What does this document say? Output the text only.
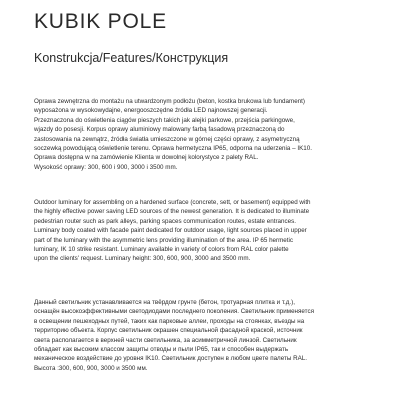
KUBIK POLE
Konstrukcja/Features/Конструкция

Oprawa zewnętrzna do montażu na utwardzonym podłożu (beton, kostka brukowa lub fundament)
wyposażona w wysokowydajne, energooszczędne źródła LED najnowszej generacji.
Przeznaczona do oświetlenia ciągów pieszych takich jak alejki parkowe, przejścia parkingowe,
wjazdy do posesji. Korpus oprawy aluminiowy malowany farbą fasadową przeznaczoną do
zastosowania na zewnątrz, źródła światła umieszczone w górnej części oprawy, z asymetryczną
soczewką powodującą oświetlenie terenu. Oprawa hermetyczna IP65, odporna na uderzenia – IK10.
Oprawa dostępna w na zamówienie Klienta w dowolnej kolorystyce z palety RAL.
Wysokość oprawy: 300, 600 i 900, 3000 i 3500 mm.

Outdoor luminary for assembling on a hardened surface (concrete, sett, or basement) equipped with
the highly effective power saving LED sources of the newest generation. It is dedicated to illuminate
pedestrian router such as park alleys, parking spaces communication routes, estate entrances.
Luminary body coated with facade paint dedicated for outdoor usage, light sources placed in upper
part of the luminary with the asymmetric lens providing illumination of the area. IP 65 hermetic
luminary, IK 10 strike resistant. Luminary available in variety of colors from RAL color palette
upon the clients' request. Luminary height: 300, 600, 900, 3000 and 3500 mm.

Данный светильник устанавливается на твёрдом грунте (бетон, тротуарная плитка и т.д.),
оснащён высокоэффективными светодиодами последнего поколения. Светильник применяется
в освещении пешеходных путей, таких как парковые аллеи, проходы на стоянках, въезды на
территорию объекта. Корпус светильник окрашен специальной фасадной краской, источник
света располагается в верхней части светильника, за асимметричной линзой. Светильник
обладает как высоким классом защиты отводы и пыли IP65, так и способен выдержать
механическое воздействие до уровня IK10. Светильник доступен в любом цвете палеты RAL.
Высота :300, 600, 900, 3000 и 3500 мм.
